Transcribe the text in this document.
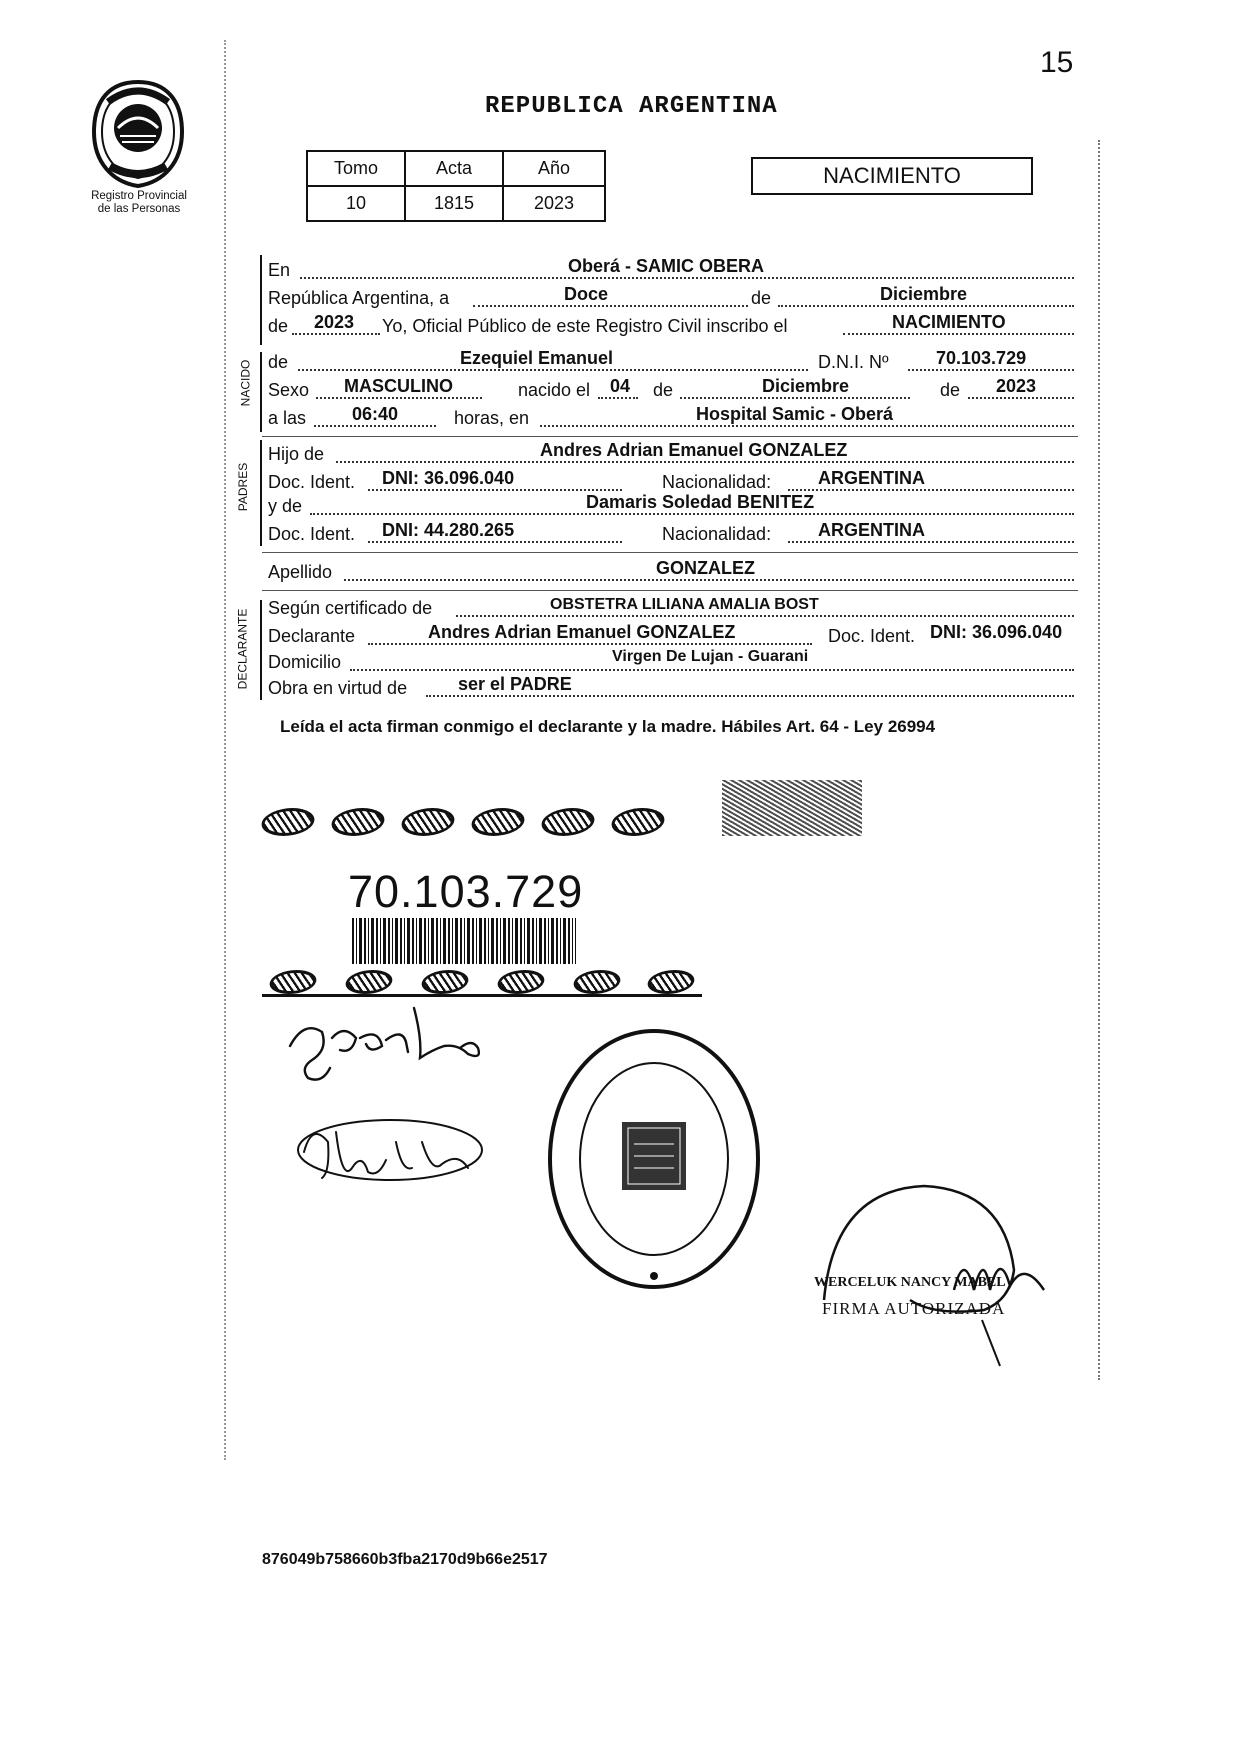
15
Registro Provincial
de las Personas
REPUBLICA ARGENTINA
Tomo	Acta	Año
10	1815	2023
NACIMIENTO
NACIDO
PADRES
DECLARANTE
En	Oberá - SAMIC OBERA
República Argentina, a	Doce	de	Diciembre
de 2023 Yo, Oficial Público de este Registro Civil inscribo el	NACIMIENTO
de	Ezequiel Emanuel	D.N.I. Nº	70.103.729
Sexo MASCULINO	nacido el 04 de	Diciembre	de 2023
a las	06:40	horas, en	Hospital Samic - Oberá
Hijo de	Andres Adrian Emanuel GONZALEZ
Doc. Ident. DNI: 36.096.040	Nacionalidad:	ARGENTINA
y de	Damaris Soledad BENITEZ
Doc. Ident. DNI: 44.280.265	Nacionalidad:	ARGENTINA
Apellido	GONZALEZ
Según certificado de	OBSTETRA LILIANA AMALIA BOST
Declarante	Andres Adrian Emanuel GONZALEZ	Doc. Ident. DNI: 36.096.040
Domicilio	Virgen De Lujan - Guarani
Obra en virtud de	ser el PADRE
Leída el acta firman conmigo el declarante y la madre. Hábiles Art. 64 - Ley 26994
70.103.729
WERCELUK NANCY MABEL
FIRMA AUTORIZADA
876049b758660b3fba2170d9b66e2517
